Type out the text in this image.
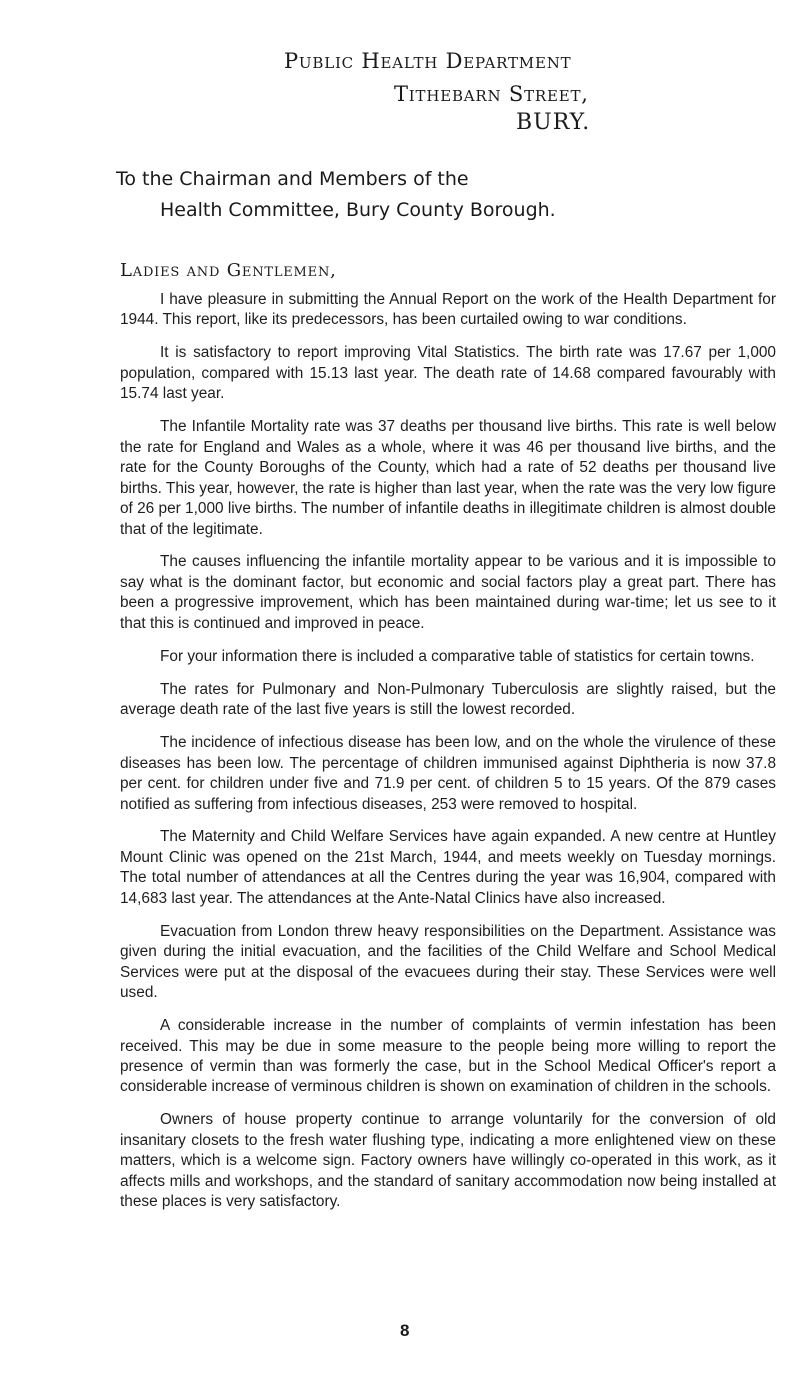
Public Health Department
Tithebarn Street,
BURY.
To the Chairman and Members of the
Health Committee, Bury County Borough.
Ladies and Gentlemen,

I have pleasure in submitting the Annual Report on the work of the Health Department for 1944. This report, like its predecessors, has been curtailed owing to war conditions.

It is satisfactory to report improving Vital Statistics. The birth rate was 17.67 per 1,000 population, compared with 15.13 last year. The death rate of 14.68 compared favourably with 15.74 last year.

The Infantile Mortality rate was 37 deaths per thousand live births. This rate is well below the rate for England and Wales as a whole, where it was 46 per thousand live births, and the rate for the County Boroughs of the County, which had a rate of 52 deaths per thousand live births. This year, however, the rate is higher than last year, when the rate was the very low figure of 26 per 1,000 live births. The number of infantile deaths in illegitimate children is almost double that of the legitimate.

The causes influencing the infantile mortality appear to be various and it is impossible to say what is the dominant factor, but economic and social factors play a great part. There has been a progressive improvement, which has been maintained during war-time; let us see to it that this is continued and improved in peace.

For your information there is included a comparative table of statistics for certain towns.

The rates for Pulmonary and Non-Pulmonary Tuberculosis are slightly raised, but the average death rate of the last five years is still the lowest recorded.

The incidence of infectious disease has been low, and on the whole the virulence of these diseases has been low. The percentage of children immunised against Diphtheria is now 37.8 per cent. for children under five and 71.9 per cent. of children 5 to 15 years. Of the 879 cases notified as suffering from infectious diseases, 253 were removed to hospital.

The Maternity and Child Welfare Services have again expanded. A new centre at Huntley Mount Clinic was opened on the 21st March, 1944, and meets weekly on Tuesday mornings. The total number of attendances at all the Centres during the year was 16,904, compared with 14,683 last year. The attendances at the Ante-Natal Clinics have also increased.

Evacuation from London threw heavy responsibilities on the Department. Assistance was given during the initial evacuation, and the facilities of the Child Welfare and School Medical Services were put at the disposal of the evacuees during their stay. These Services were well used.

A considerable increase in the number of complaints of vermin infestation has been received. This may be due in some measure to the people being more willing to report the presence of vermin than was formerly the case, but in the School Medical Officer's report a considerable increase of verminous children is shown on examination of children in the schools.

Owners of house property continue to arrange voluntarily for the conversion of old insanitary closets to the fresh water flushing type, indicating a more enlightened view on these matters, which is a welcome sign. Factory owners have willingly co-operated in this work, as it affects mills and workshops, and the standard of sanitary accommodation now being installed at these places is very satisfactory.

8
